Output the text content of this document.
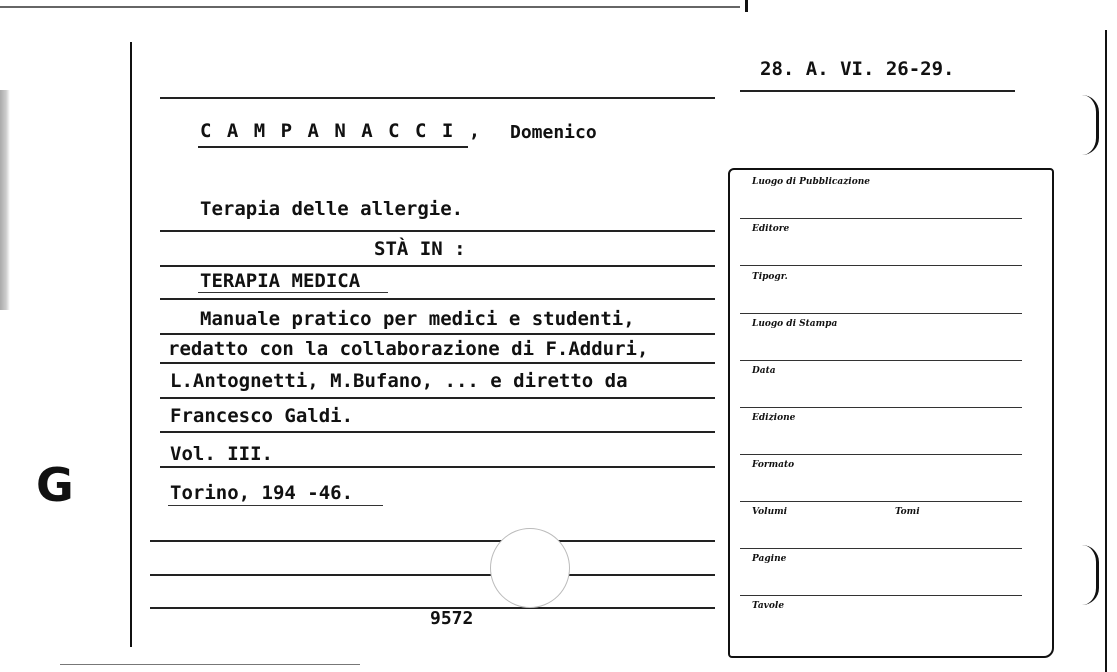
G
28. A. VI. 26-29.
C A M P A N A C C I , Domenico
Terapia delle allergie.
STÀ IN :
TERAPIA MEDICA
Manuale pratico per medici e studenti,
redatto con la collaborazione di F.Adduri,
L.Antognetti, M.Bufano, ... e diretto da
Francesco Galdi.
Vol. III.
Torino, 194 -46.
9572
Luogo di Pubblicazione
Editore
Tipogr.
Luogo di Stampa
Data
Edizione
Formato
Volumi	Tomi
Pagine
Tavole
